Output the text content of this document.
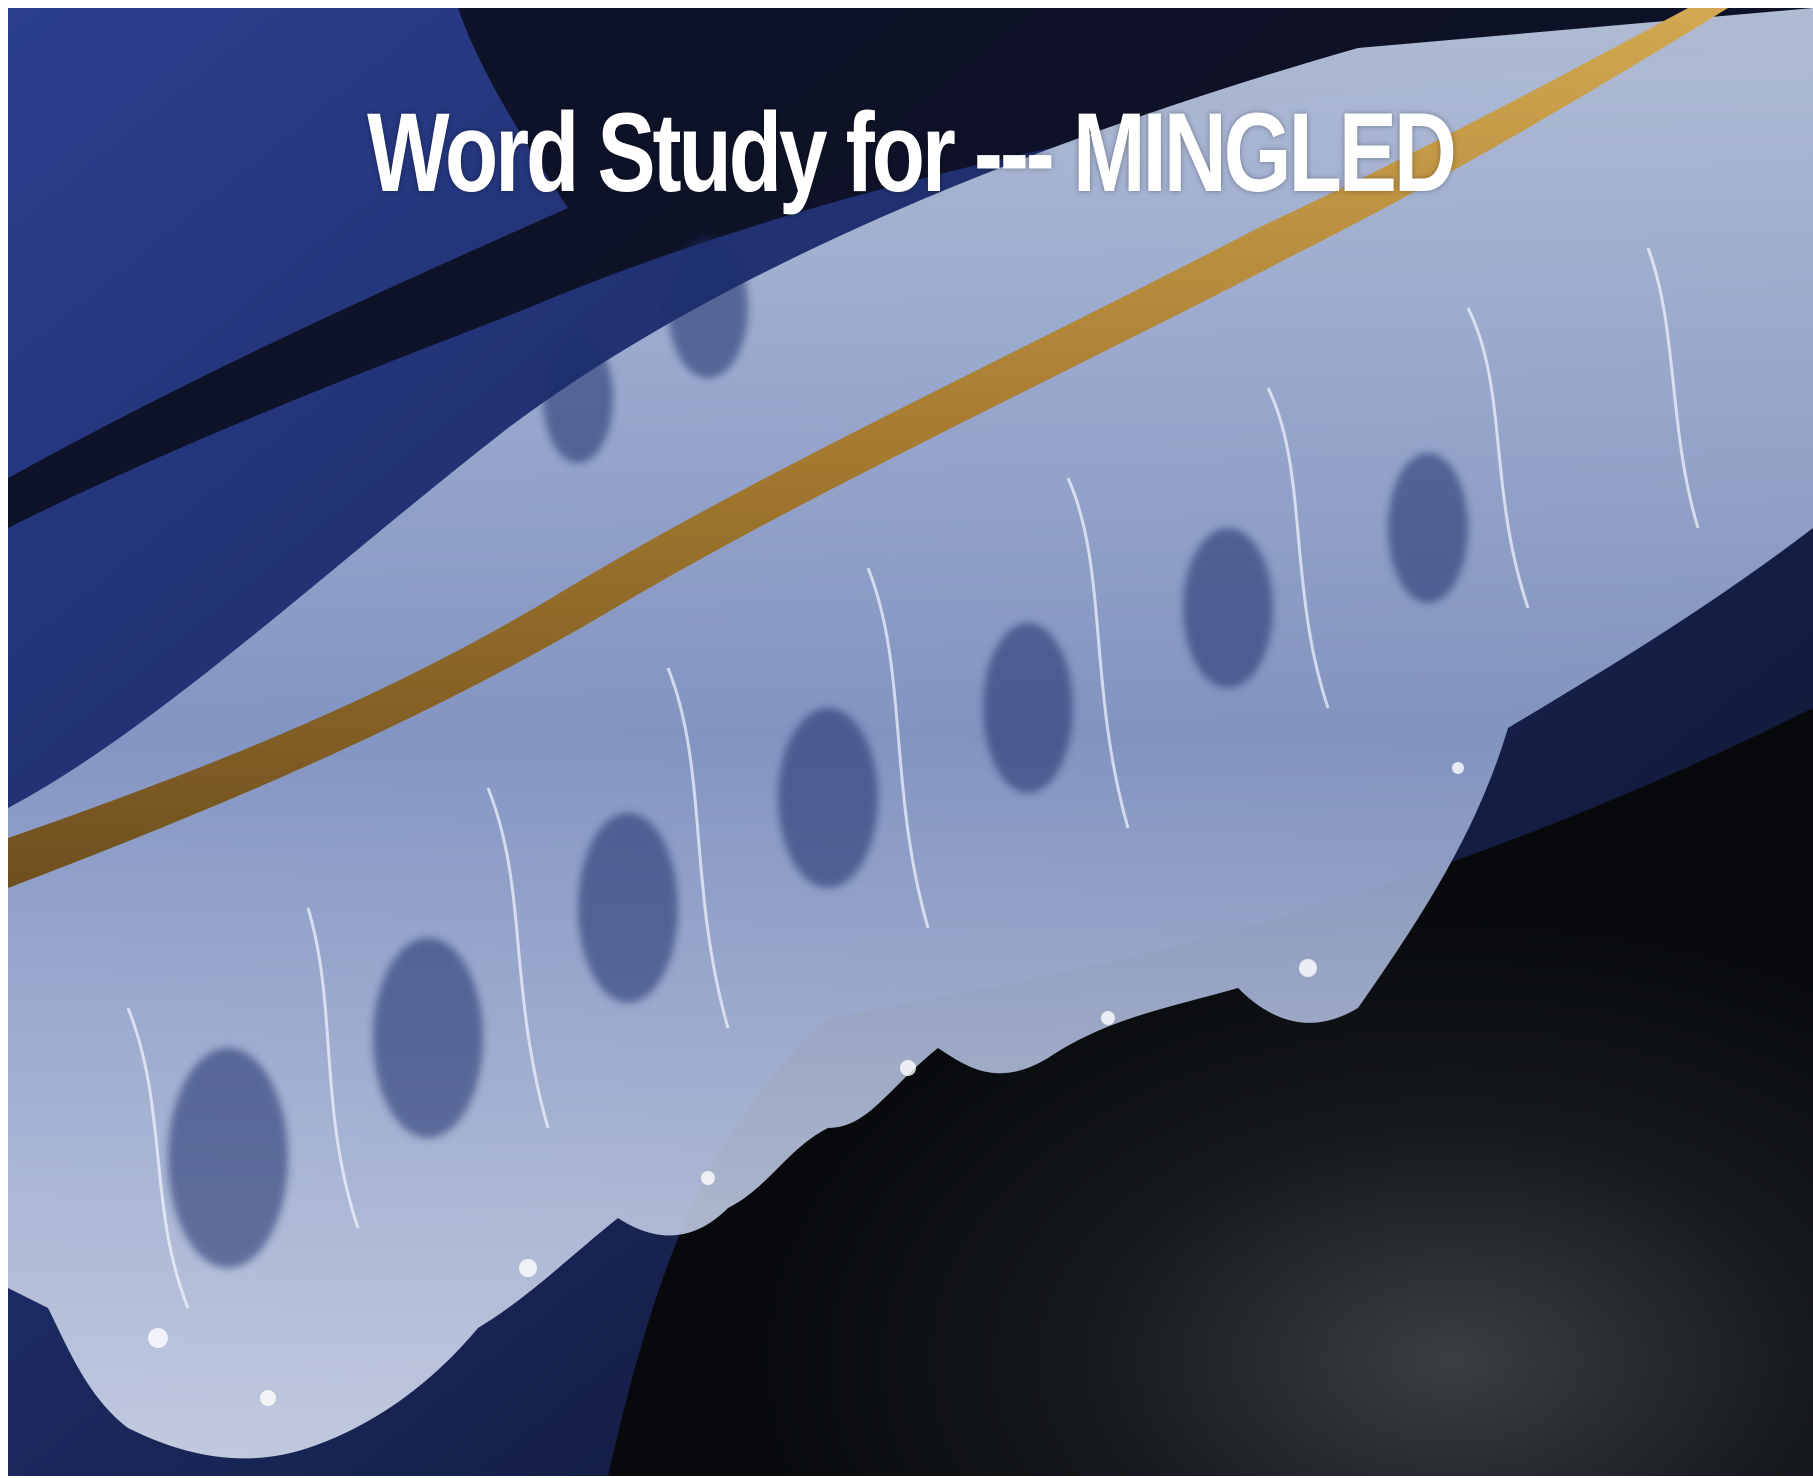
Word Study for --- MINGLED
